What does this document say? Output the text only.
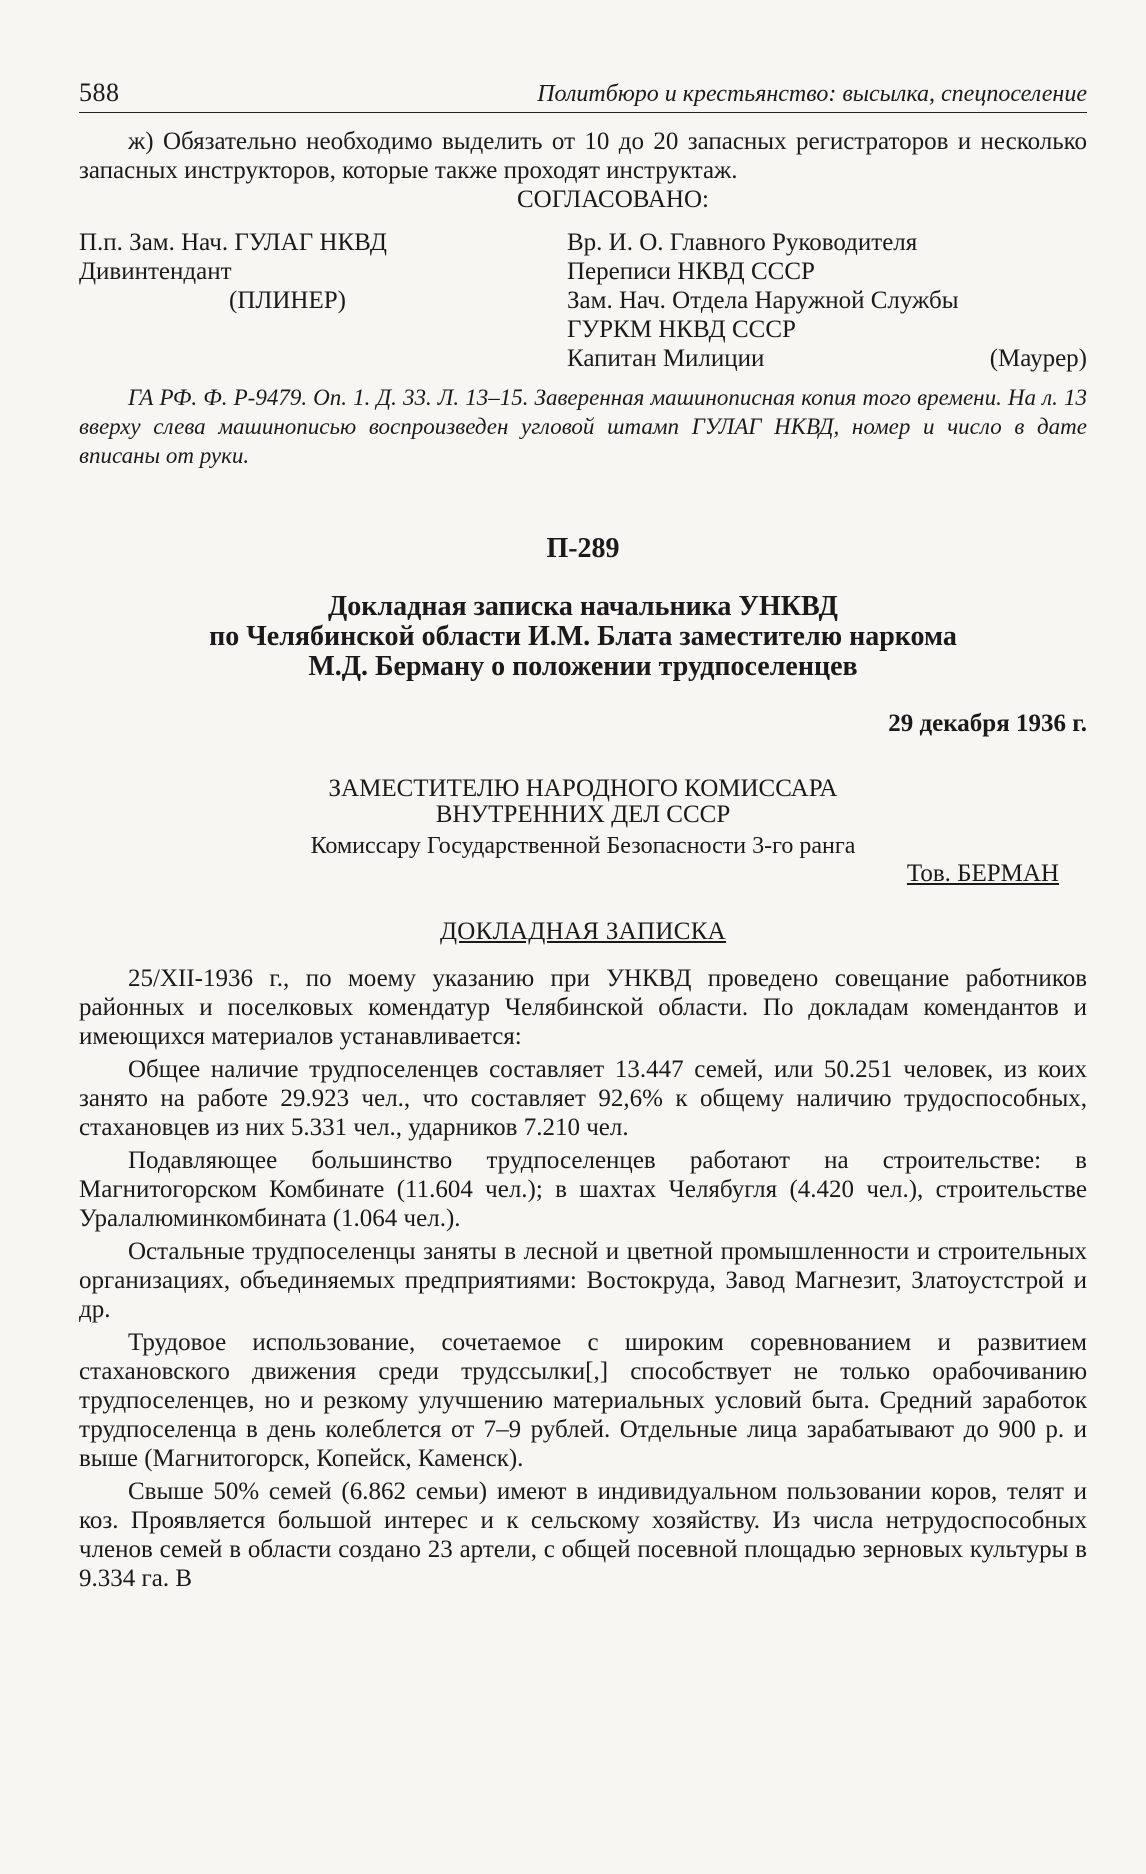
588	Политбюро и крестьянство: высылка, спецпоселение

ж) Обязательно необходимо выделить от 10 до 20 запасных регистраторов и несколько запасных инструкторов, которые также проходят инструктаж.

СОГЛАСОВАНО:

П.п. Зам. Нач. ГУЛАГ НКВД
Дивинтендант
(ПЛИНЕР)
Вр. И. О. Главного Руководителя
Переписи НКВД СССР
Зам. Нач. Отдела Наружной Службы
ГУРКМ НКВД СССР
Капитан Милиции	(Маурер)

ГА РФ. Ф. Р-9479. Оп. 1. Д. 33. Л. 13–15. Заверенная машинописная копия того времени. На л. 13 вверху слева машинописью воспроизведен угловой штамп ГУЛАГ НКВД, номер и число в дате вписаны от руки.

П-289

Докладная записка начальника УНКВД

по Челябинской области И.М. Блата заместителю наркома

М.Д. Берману о положении трудпоселенцев

29 декабря 1936 г.

ЗАМЕСТИТЕЛЮ НАРОДНОГО КОМИССАРА
ВНУТРЕННИХ ДЕЛ СССР
Комиссару Государственной Безопасности 3-го ранга
Тов. БЕРМАН
ДОКЛАДНАЯ ЗАПИСКА

25/XII-1936 г., по моему указанию при УНКВД проведено совещание работников районных и поселковых комендатур Челябинской области. По докладам комендантов и имеющихся материалов устанавливается:

Общее наличие трудпоселенцев составляет 13.447 семей, или 50.251 человек, из коих занято на работе 29.923 чел., что составляет 92,6% к общему наличию трудоспособных, стахановцев из них 5.331 чел., ударников 7.210 чел.

Подавляющее большинство трудпоселенцев работают на строительстве: в Магнитогорском Комбинате (11.604 чел.); в шахтах Челябугля (4.420 чел.), строительстве Уралалюминкомбината (1.064 чел.).

Остальные трудпоселенцы заняты в лесной и цветной промышленности и строительных организациях, объединяемых предприятиями: Востокруда, Завод Магнезит, Златоустстрой и др.

Трудовое использование, сочетаемое с широким соревнованием и развитием стахановского движения среди трудссылки[,] способствует не только орабочиванию трудпоселенцев, но и резкому улучшению материальных условий быта. Средний заработок трудпоселенца в день колеблется от 7–9 рублей. Отдельные лица зарабатывают до 900 р. и выше (Магнитогорск, Копейск, Каменск).

Свыше 50% семей (6.862 семьи) имеют в индивидуальном пользовании коров, телят и коз. Проявляется большой интерес и к сельскому хозяйству. Из числа нетрудоспособных членов семей в области создано 23 артели, с общей посевной площадью зерновых культуры в 9.334 га. В
